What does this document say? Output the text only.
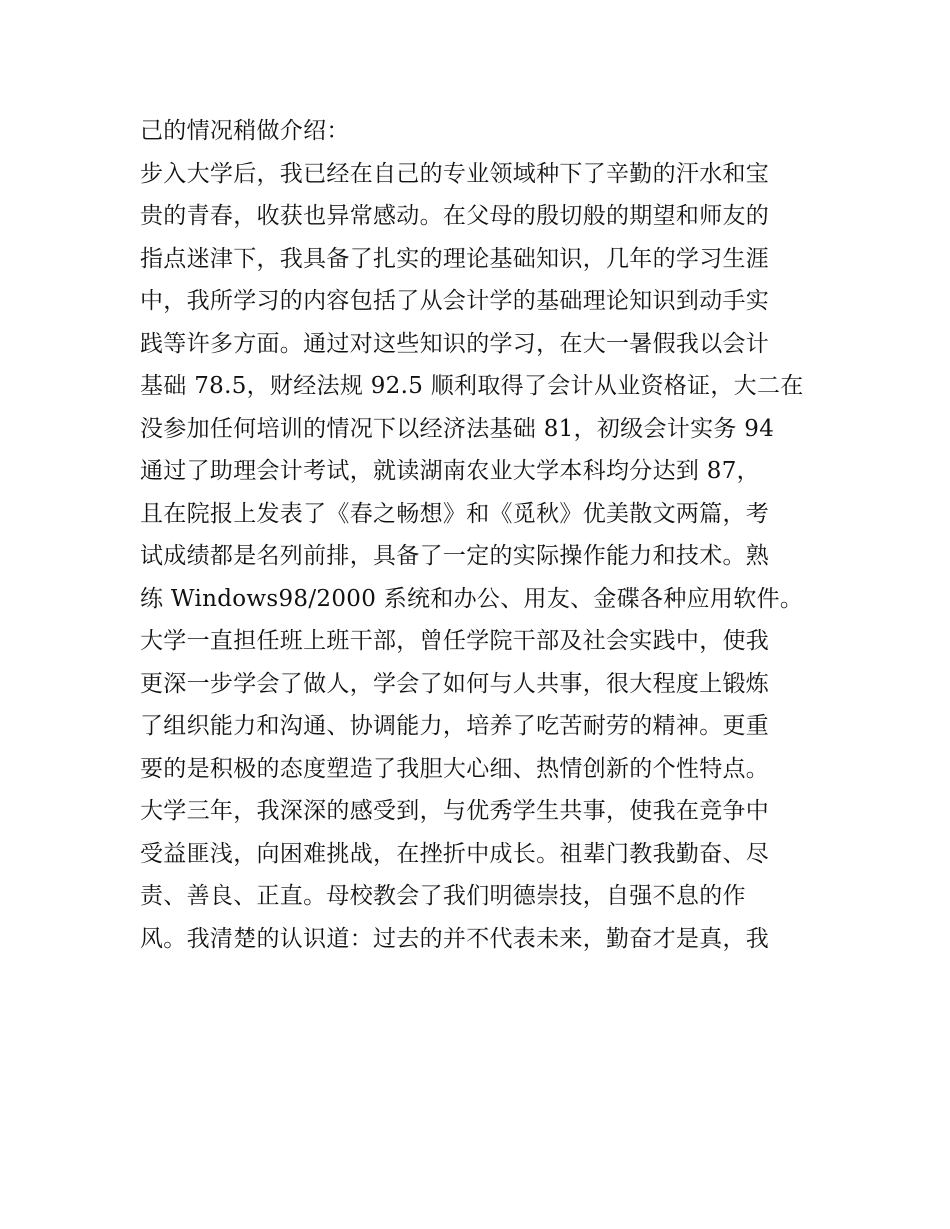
己的情况稍做介绍：
步入大学后，我已经在自己的专业领域种下了辛勤的汗水和宝
贵的青春，收获也异常感动。在父母的殷切般的期望和师友的
指点迷津下，我具备了扎实的理论基础知识，几年的学习生涯
中，我所学习的内容包括了从会计学的基础理论知识到动手实
践等许多方面。通过对这些知识的学习，在大一暑假我以会计
基础 78.5，财经法规 92.5 顺利取得了会计从业资格证，大二在
没参加任何培训的情况下以经济法基础 81，初级会计实务 94
通过了助理会计考试，就读湖南农业大学本科均分达到 87，
且在院报上发表了《春之畅想》和《觅秋》优美散文两篇，考
试成绩都是名列前排，具备了一定的实际操作能力和技术。熟
练 Windows98/2000 系统和办公、用友、金碟各种应用软件。
大学一直担任班上班干部，曾任学院干部及社会实践中，使我
更深一步学会了做人，学会了如何与人共事，很大程度上锻炼
了组织能力和沟通、协调能力，培养了吃苦耐劳的精神。更重
要的是积极的态度塑造了我胆大心细、热情创新的个性特点。
大学三年，我深深的感受到，与优秀学生共事，使我在竞争中
受益匪浅，向困难挑战，在挫折中成长。祖辈门教我勤奋、尽
责、善良、正直。母校教会了我们明德崇技，自强不息的作
风。我清楚的认识道：过去的并不代表未来，勤奋才是真，我
